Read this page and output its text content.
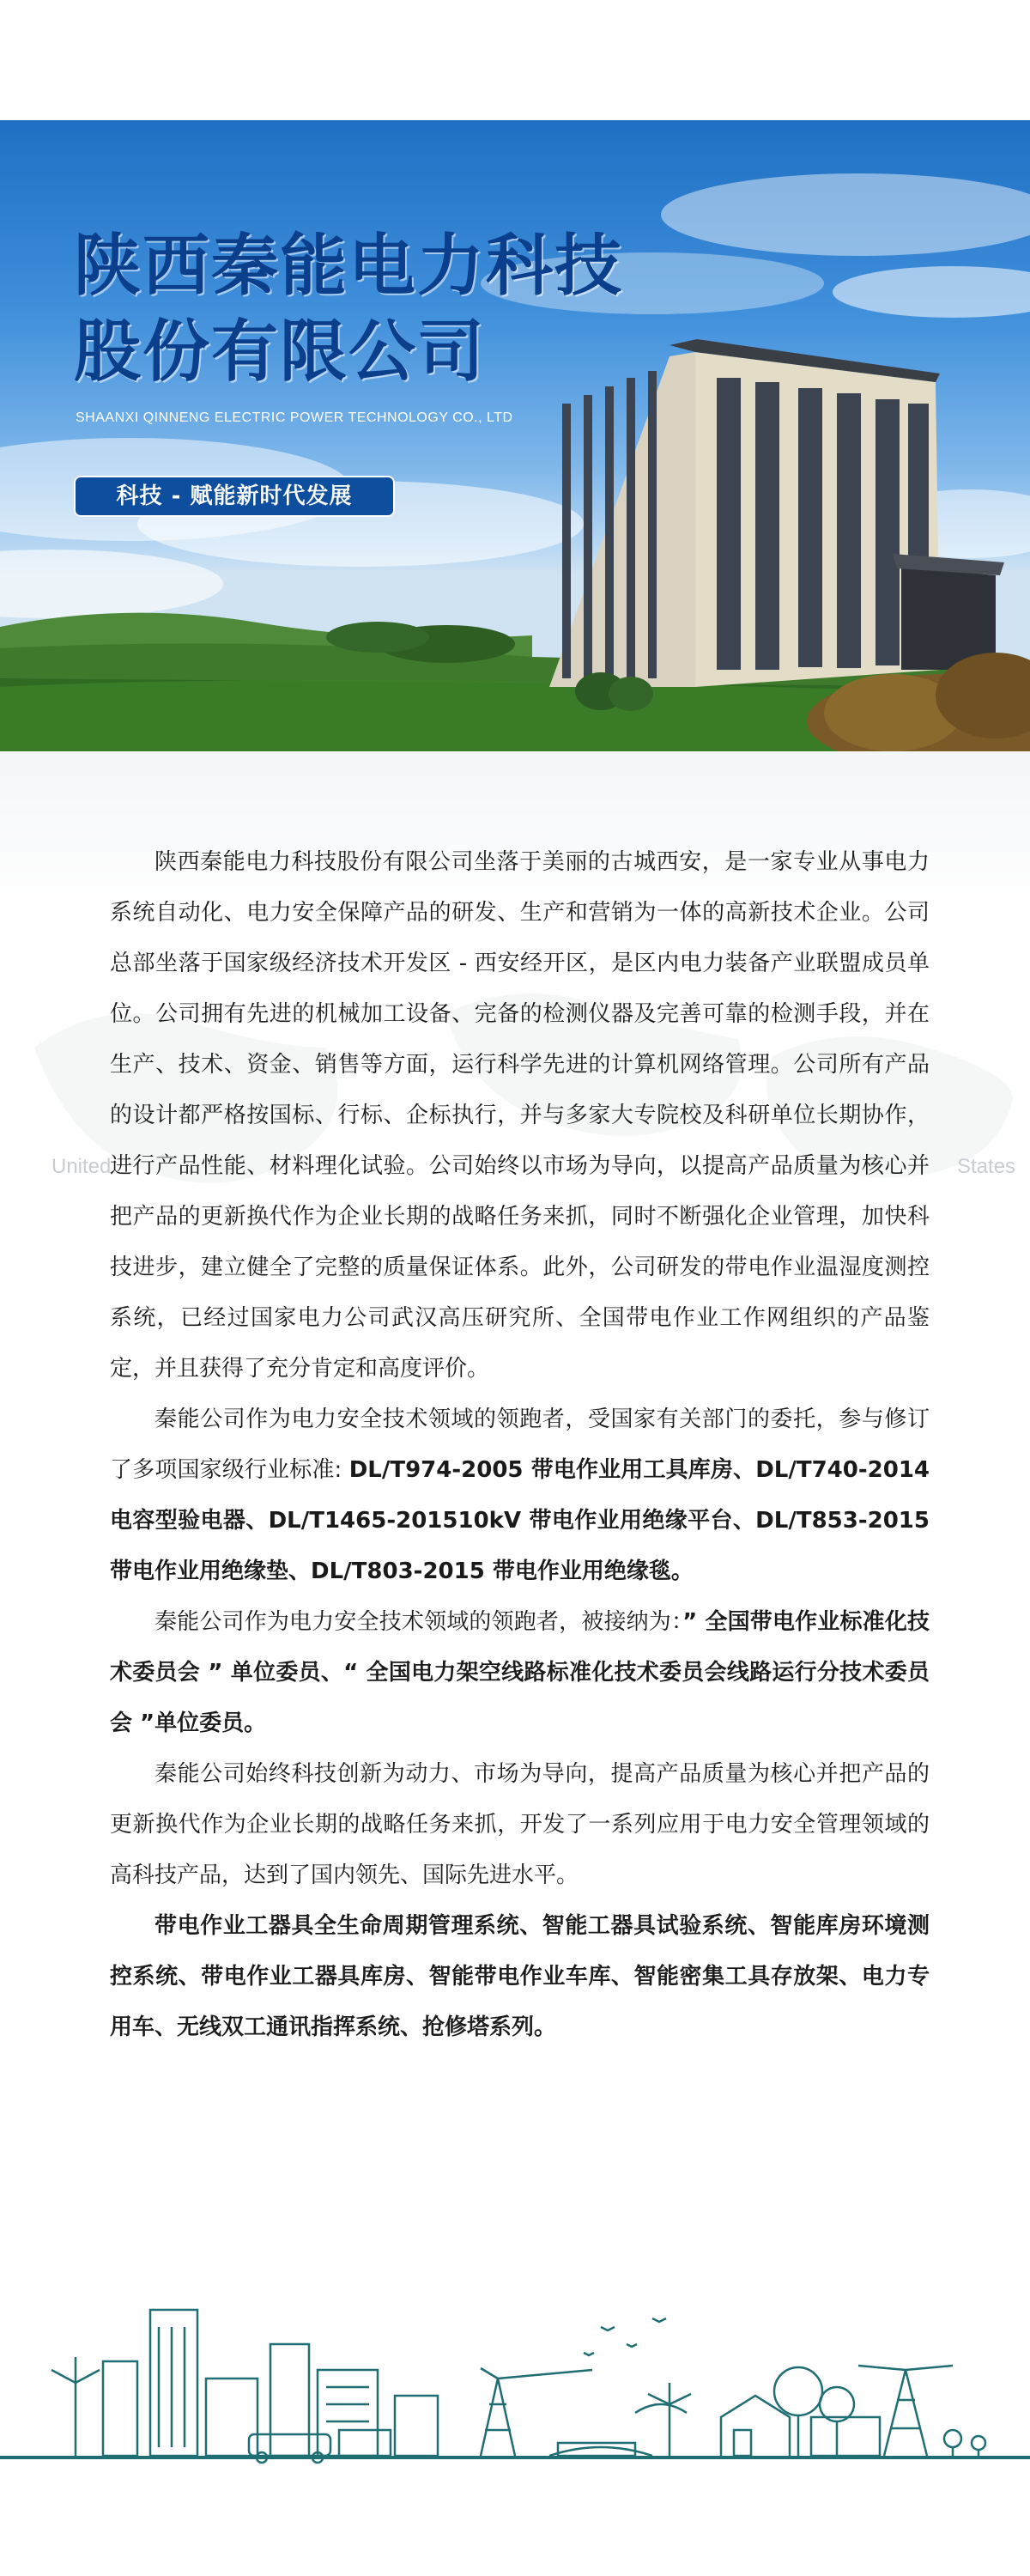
陕西秦能电力科技
股份有限公司
SHAANXI QINNENG ELECTRIC POWER TECHNOLOGY CO., LTD
科技 - 赋能新时代发展
United	States

陕西秦能电力科技股份有限公司坐落于美丽的古城西安，是一家专业从事电力系统自动化、电力安全保障产品的研发、生产和营销为一体的高新技术企业。公司总部坐落于国家级经济技术开发区 - 西安经开区，是区内电力装备产业联盟成员单位。公司拥有先进的机械加工设备、完备的检测仪器及完善可靠的检测手段，并在生产、技术、资金、销售等方面，运行科学先进的计算机网络管理。公司所有产品的设计都严格按国标、行标、企标执行，并与多家大专院校及科研单位长期协作，进行产品性能、材料理化试验。公司始终以市场为导向，以提高产品质量为核心并把产品的更新换代作为企业长期的战略任务来抓，同时不断强化企业管理，加快科技进步，建立健全了完整的质量保证体系。此外，公司研发的带电作业温湿度测控系统，已经过国家电力公司武汉高压研究所、全国带电作业工作网组织的产品鉴定，并且获得了充分肯定和高度评价。

秦能公司作为电力安全技术领域的领跑者，受国家有关部门的委托，参与修订了多项国家级行业标准: DL/T974-2005 带电作业用工具库房、DL/T740-2014 电容型验电器、DL/T1465-201510kV 带电作业用绝缘平台、DL/T853-2015 带电作业用绝缘垫、DL/T803-2015 带电作业用绝缘毯。

秦能公司作为电力安全技术领域的领跑者，被接纳为：” 全国带电作业标准化技术委员会 ” 单位委员、“ 全国电力架空线路标准化技术委员会线路运行分技术委员会 ”单位委员。

秦能公司始终科技创新为动力、市场为导向，提高产品质量为核心并把产品的更新换代作为企业长期的战略任务来抓，开发了一系列应用于电力安全管理领域的高科技产品，达到了国内领先、国际先进水平。

带电作业工器具全生命周期管理系统、智能工器具试验系统、智能库房环境测控系统、带电作业工器具库房、智能带电作业车库、智能密集工具存放架、电力专用车、无线双工通讯指挥系统、抢修塔系列。
